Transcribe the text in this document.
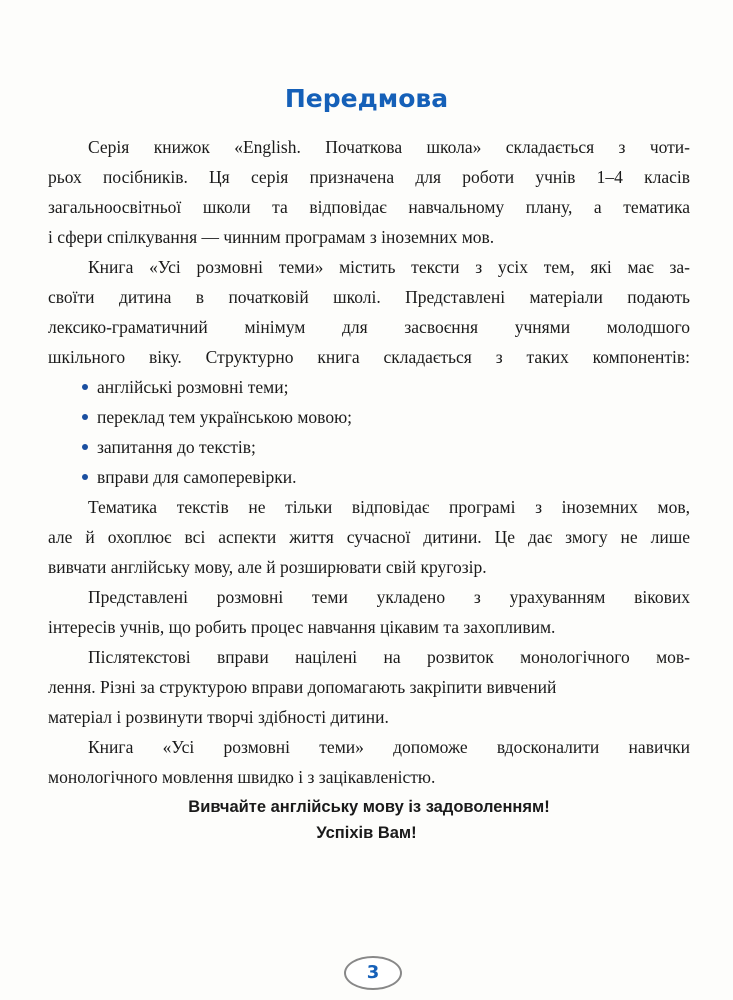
Передмова
Серія книжок «English. Початкова школа» складається з чоти-
рьох посібників. Ця серія призначена для роботи учнів 1–4 класів
загальноосвітньої школи та відповідає навчальному плану, а тематика
і сфери спілкування — чинним програмам з іноземних мов.
Книга «Усі розмовні теми» містить тексти з усіх тем, які має за-
своїти дитина в початковій школі. Представлені матеріали подають
лексико-граматичний мінімум для засвоєння учнями молодшого
шкільного віку. Структурно книга складається з таких компонентів:
англійські розмовні теми;
переклад тем українською мовою;
запитання до текстів;
вправи для самоперевірки.
Тематика текстів не тільки відповідає програмі з іноземних мов,
але й охоплює всі аспекти життя сучасної дитини. Це дає змогу не лише
вивчати англійську мову, але й розширювати свій кругозір.
Представлені розмовні теми укладено з урахуванням вікових
інтересів учнів, що робить процес навчання цікавим та захопливим.
Післятекстові вправи націлені на розвиток монологічного мов-
лення. Різні за структурою вправи допомагають закріпити вивчений
матеріал і розвинути творчі здібності дитини.
Книга «Усі розмовні теми» допоможе вдосконалити навички
монологічного мовлення швидко і з зацікавленістю.
Вивчайте англійську мову із задоволенням!
Успіхів Вам!
3
